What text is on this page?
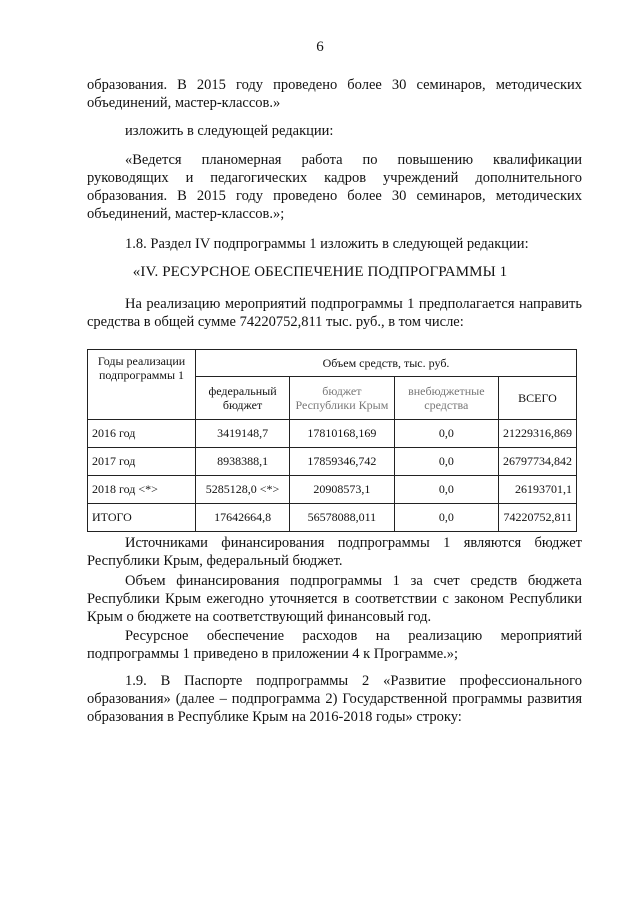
6
образования. В 2015 году проведено более 30 семинаров, методических
объединений, мастер-классов.»
изложить в следующей редакции:
«Ведется планомерная работа по повышению квалификации
руководящих и педагогических кадров учреждений дополнительного
образования. В 2015 году проведено более 30 семинаров, методических
объединений, мастер-классов.»;
1.8. Раздел IV подпрограммы 1 изложить в следующей редакции:
«IV. РЕСУРСНОЕ ОБЕСПЕЧЕНИЕ ПОДПРОГРАММЫ 1
На реализацию мероприятий подпрограммы 1 предполагается направить
средства в общей сумме 74220752,811 тыс. руб., в том числе:
Годы реализации подпрограммы 1	Объем средств, тыс. руб.			
	федеральный бюджет	бюджет Республики Крым	внебюджетные средства	ВСЕГО
2016 год	3419148,7	17810168,169	0,0	21229316,869
2017 год	8938388,1	17859346,742	0,0	26797734,842
2018 год <*>	5285128,0 <*>	20908573,1	0,0	26193701,1
ИТОГО	17642664,8	56578088,011	0,0	74220752,811
Источниками финансирования подпрограммы 1 являются бюджет
Республики Крым, федеральный бюджет.
Объем финансирования подпрограммы 1 за счет средств бюджета
Республики Крым ежегодно уточняется в соответствии с законом Республики
Крым о бюджете на соответствующий финансовый год.
Ресурсное обеспечение расходов на реализацию мероприятий
подпрограммы 1 приведено в приложении 4 к Программе.»;
1.9. В Паспорте подпрограммы 2 «Развитие профессионального
образования» (далее – подпрограмма 2) Государственной программы развития
образования в Республике Крым на 2016-2018 годы» строку:
